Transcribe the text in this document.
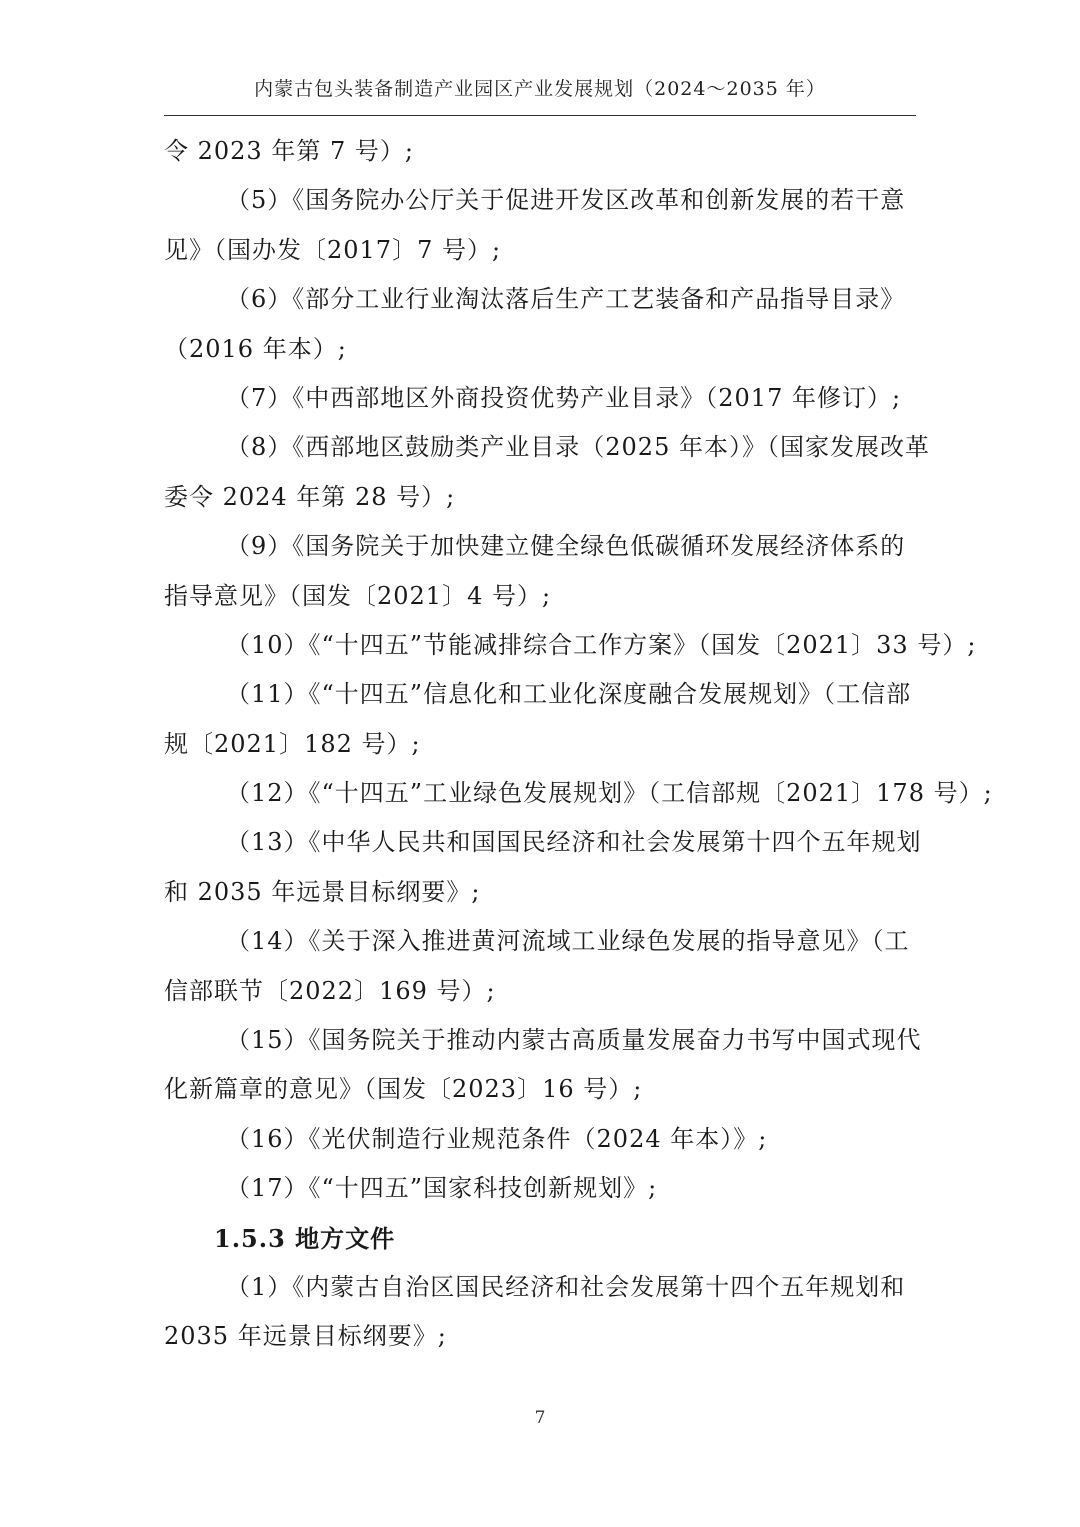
内蒙古包头装备制造产业园区产业发展规划（2024～2035 年）
令 2023 年第 7 号）;
（5）《国务院办公厅关于促进开发区改革和创新发展的若干意
见》（国办发〔2017〕7 号）;
（6）《部分工业行业淘汰落后生产工艺装备和产品指导目录》
（2016 年本）;
（7）《中西部地区外商投资优势产业目录》（2017 年修订）;
（8）《西部地区鼓励类产业目录（2025 年本）》（国家发展改革
委令 2024 年第 28 号）;
（9）《国务院关于加快建立健全绿色低碳循环发展经济体系的
指导意见》（国发〔2021〕4 号）;
（10）《“十四五”节能减排综合工作方案》（国发〔2021〕33 号）;
（11）《“十四五”信息化和工业化深度融合发展规划》（工信部
规〔2021〕182 号）;
（12）《“十四五”工业绿色发展规划》（工信部规〔2021〕178 号）;
（13）《中华人民共和国国民经济和社会发展第十四个五年规划
和 2035 年远景目标纲要》;
（14）《关于深入推进黄河流域工业绿色发展的指导意见》（工
信部联节〔2022〕169 号）;
（15）《国务院关于推动内蒙古高质量发展奋力书写中国式现代
化新篇章的意见》（国发〔2023〕16 号）;
（16）《光伏制造行业规范条件（2024 年本）》;
（17）《“十四五”国家科技创新规划》;
1.5.3 地方文件
（1）《内蒙古自治区国民经济和社会发展第十四个五年规划和
2035 年远景目标纲要》;
7
